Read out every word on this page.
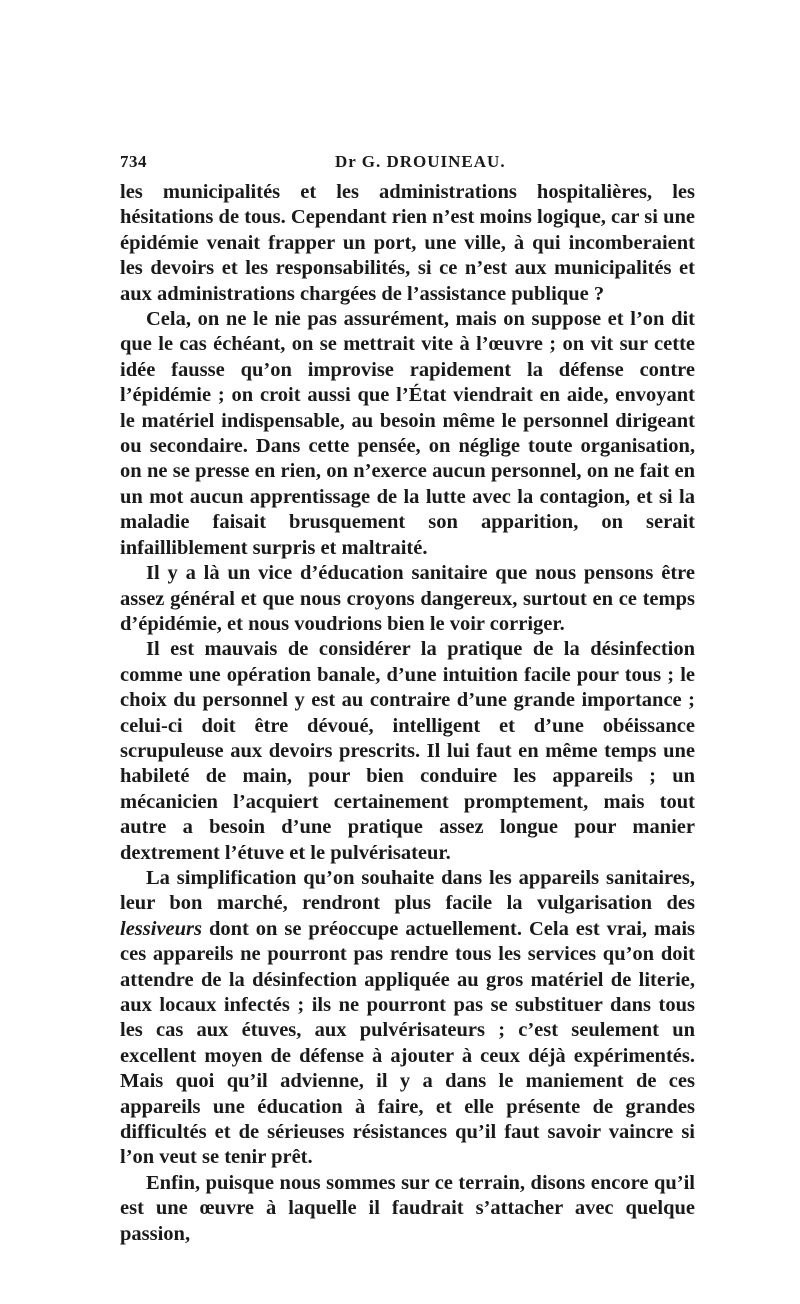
734	Dr G. DROUINEAU.

les municipalités et les administrations hospitalières, les hésitations de tous. Cependant rien n’est moins logique, car si une épidémie venait frapper un port, une ville, à qui incomberaient les devoirs et les responsabilités, si ce n’est aux municipalités et aux administrations chargées de l’assistance publique ?

Cela, on ne le nie pas assurément, mais on suppose et l’on dit que le cas échéant, on se mettrait vite à l’œuvre ; on vit sur cette idée fausse qu’on improvise rapidement la défense contre l’épidémie ; on croit aussi que l’État viendrait en aide, envoyant le matériel indispensable, au besoin même le personnel dirigeant ou secondaire. Dans cette pensée, on néglige toute organisation, on ne se presse en rien, on n’exerce aucun personnel, on ne fait en un mot aucun apprentissage de la lutte avec la contagion, et si la maladie faisait brusquement son apparition, on serait infailliblement surpris et maltraité.

Il y a là un vice d’éducation sanitaire que nous pensons être assez général et que nous croyons dangereux, surtout en ce temps d’épidémie, et nous voudrions bien le voir corriger.

Il est mauvais de considérer la pratique de la désinfection comme une opération banale, d’une intuition facile pour tous ; le choix du personnel y est au contraire d’une grande importance ; celui-ci doit être dévoué, intelligent et d’une obéissance scrupuleuse aux devoirs prescrits. Il lui faut en même temps une habileté de main, pour bien conduire les appareils ; un mécanicien l’acquiert certainement promptement, mais tout autre a besoin d’une pratique assez longue pour manier dextrement l’étuve et le pulvérisateur.

La simplification qu’on souhaite dans les appareils sanitaires, leur bon marché, rendront plus facile la vulgarisation des lessiveurs dont on se préoccupe actuellement. Cela est vrai, mais ces appareils ne pourront pas rendre tous les services qu’on doit attendre de la désinfection appliquée au gros matériel de literie, aux locaux infectés ; ils ne pourront pas se substituer dans tous les cas aux étuves, aux pulvérisateurs ; c’est seulement un excellent moyen de défense à ajouter à ceux déjà expérimentés. Mais quoi qu’il advienne, il y a dans le maniement de ces appareils une éducation à faire, et elle présente de grandes difficultés et de sérieuses résistances qu’il faut savoir vaincre si l’on veut se tenir prêt.

Enfin, puisque nous sommes sur ce terrain, disons encore qu’il est une œuvre à laquelle il faudrait s’attacher avec quelque passion,
